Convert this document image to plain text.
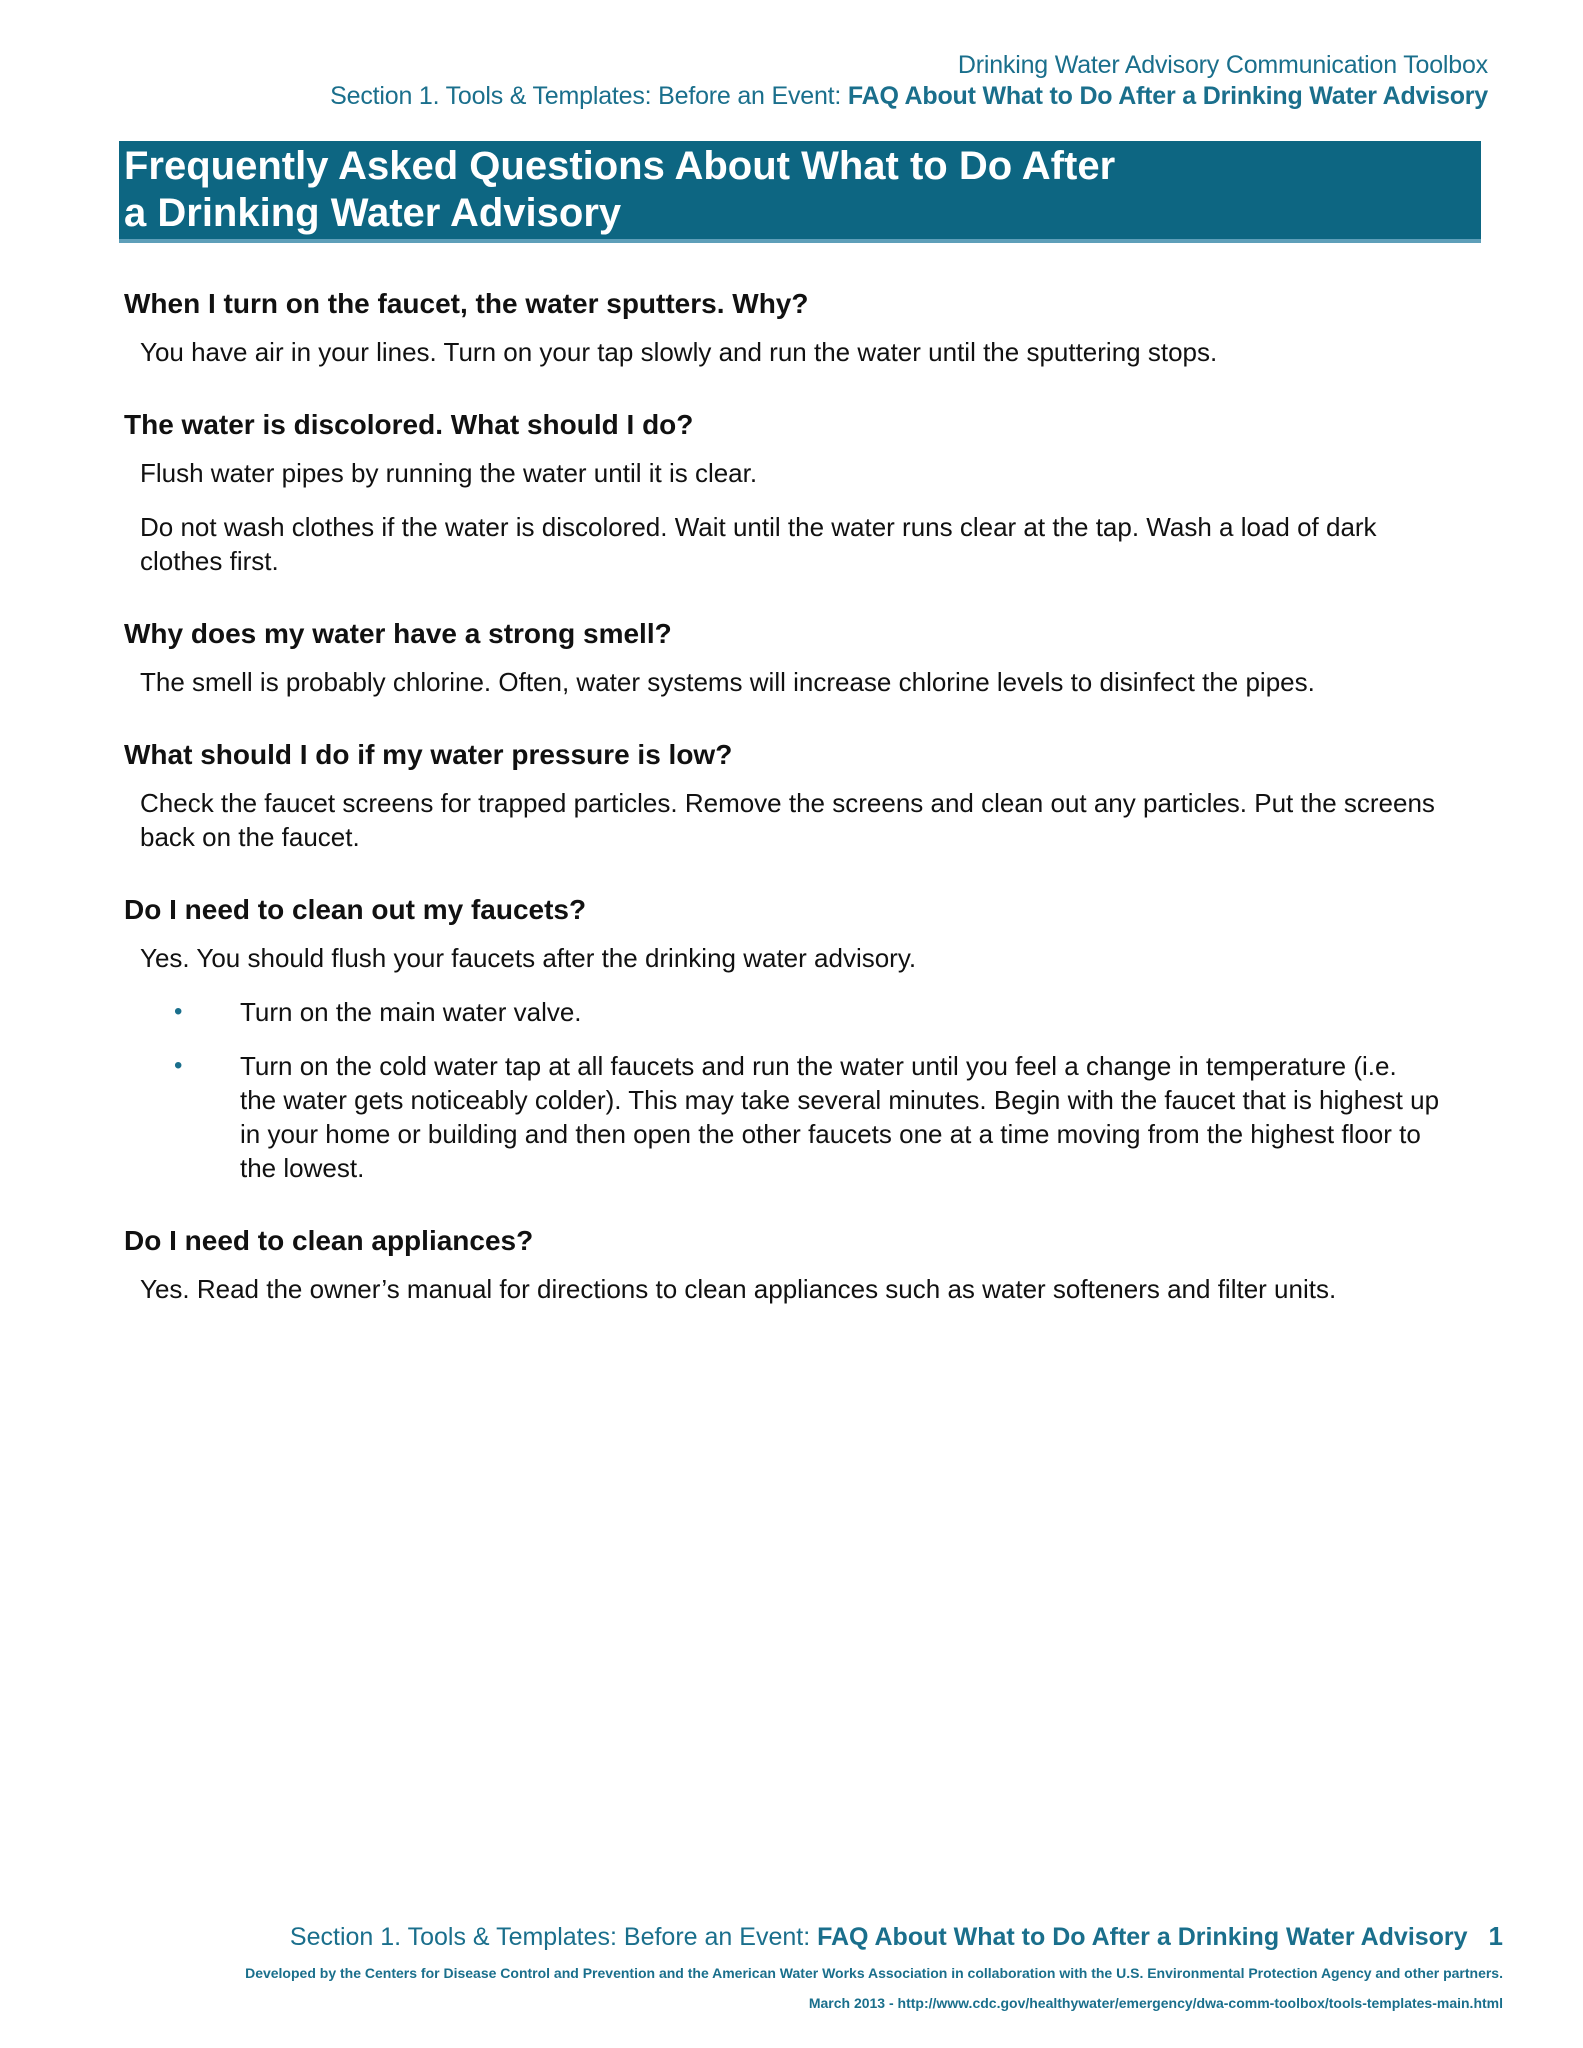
Drinking Water Advisory Communication Toolbox
Section 1. Tools & Templates: Before an Event: FAQ About What to Do After a Drinking Water Advisory
Frequently Asked Questions About What to Do After a Drinking Water Advisory
When I turn on the faucet, the water sputters. Why?

You have air in your lines. Turn on your tap slowly and run the water until the sputtering stops.

The water is discolored. What should I do?

Flush water pipes by running the water until it is clear.

Do not wash clothes if the water is discolored. Wait until the water runs clear at the tap. Wash a load of dark clothes first.

Why does my water have a strong smell?

The smell is probably chlorine. Often, water systems will increase chlorine levels to disinfect the pipes.

What should I do if my water pressure is low?

Check the faucet screens for trapped particles. Remove the screens and clean out any particles. Put the screens back on the faucet.

Do I need to clean out my faucets?

Yes. You should flush your faucets after the drinking water advisory.

• Turn on the main water valve.
• Turn on the cold water tap at all faucets and run the water until you feel a change in temperature (i.e. the water gets noticeably colder). This may take several minutes. Begin with the faucet that is highest up in your home or building and then open the other faucets one at a time moving from the highest floor to the lowest.
Do I need to clean appliances?

Yes. Read the owner’s manual for directions to clean appliances such as water softeners and filter units.

Section 1. Tools & Templates: Before an Event: FAQ About What to Do After a Drinking Water Advisory 1
Developed by the Centers for Disease Control and Prevention and the American Water Works Association in collaboration with the U.S. Environmental Protection Agency and other partners.
March 2013 - http://www.cdc.gov/healthywater/emergency/dwa-comm-toolbox/tools-templates-main.html
